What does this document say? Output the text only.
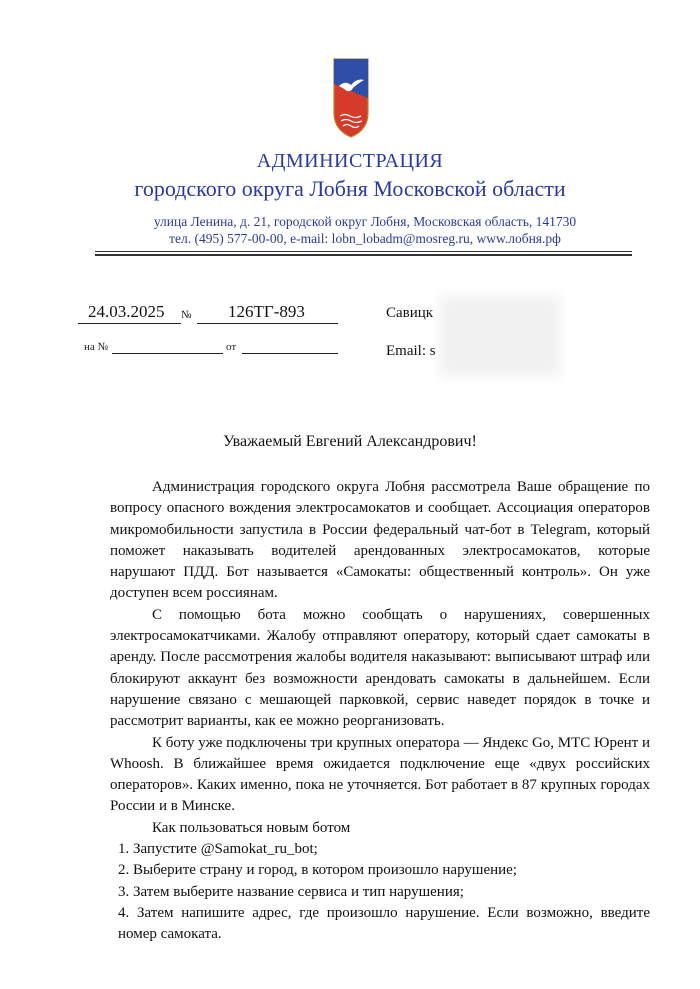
АДМИНИСТРАЦИЯ
городского округа Лобня Московской области
улица Ленина, д. 21, городской округ Лобня, Московская область, 141730
тел. (495) 577-00-00, e-mail: lobn_lobadm@mosreg.ru, www.лобня.рф
24.03.2025 № 126ТГ-893
на №	от
Савицк
Email: s
Уважаемый Евгений Александрович!

Администрация городского округа Лобня рассмотрела Ваше обращение по вопросу опасного вождения электросамокатов и сообщает. Ассоциация операторов микромобильности запустила в России федеральный чат-бот в Telegram, который поможет наказывать водителей арендованных электросамокатов, которые нарушают ПДД. Бот называется «Самокаты: общественный контроль». Он уже доступен всем россиянам.

С помощью бота можно сообщать о нарушениях, совершенных электросамокатчиками. Жалобу отправляют оператору, который сдает самокаты в аренду. После рассмотрения жалобы водителя наказывают: выписывают штраф или блокируют аккаунт без возможности арендовать самокаты в дальнейшем. Если нарушение связано с мешающей парковкой, сервис наведет порядок в точке и рассмотрит варианты, как ее можно реорганизовать.

К боту уже подключены три крупных оператора — Яндекс Go, МТС Юрент и Whoosh. В ближайшее время ожидается подключение еще «двух российских операторов». Каких именно, пока не уточняется. Бот работает в 87 крупных городах России и в Минске.

Как пользоваться новым ботом

1. Запустите @Samokat_ru_bot;

2. Выберите страну и город, в котором произошло нарушение;

3. Затем выберите название сервиса и тип нарушения;

4. Затем напишите адрес, где произошло нарушение. Если возможно, введите номер самоката.
